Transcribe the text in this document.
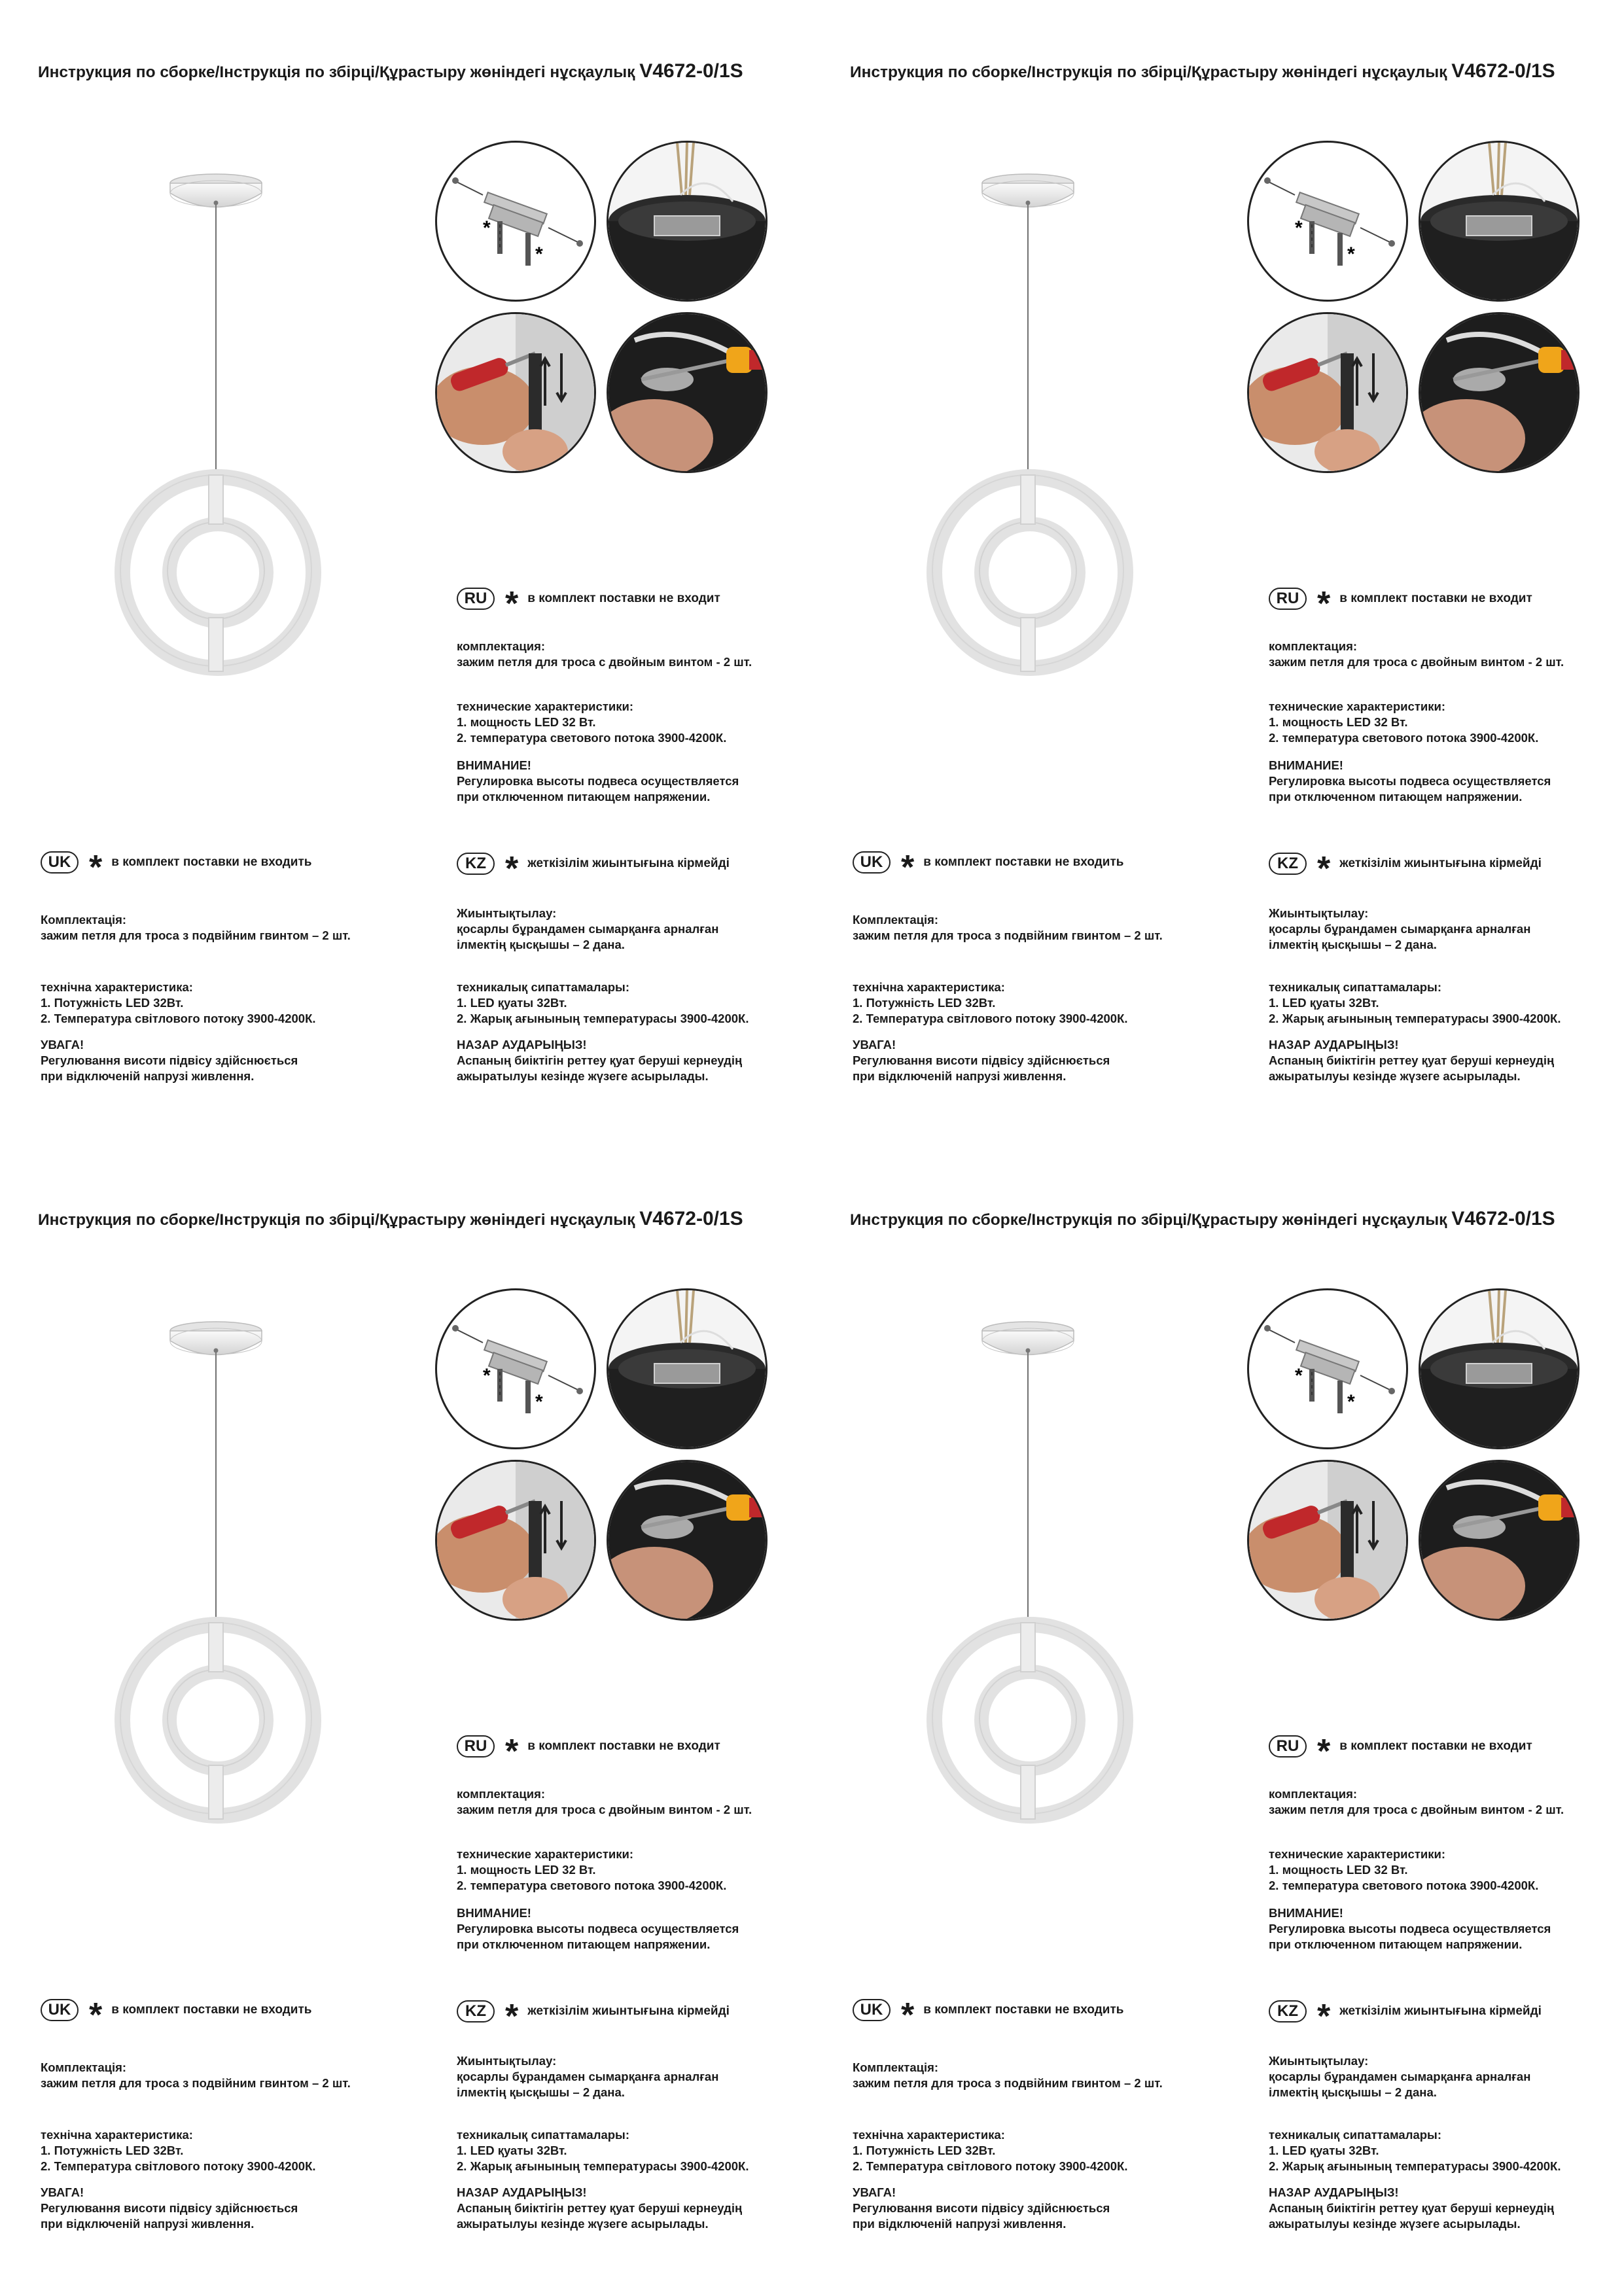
Инструкция по сборке/Інструкція по збірці/Құрастыру жөніндегі нұсқаулық V4672-0/1S
*
*
RU * в комплект поставки не входит
комплектация:
зажим петля для троса с двойным винтом - 2 шт.
технические характеристики:
1. мощность LED 32 Вт.
2. температура светового потока 3900-4200К.
ВНИМАНИЕ!
Регулировка высоты подвеса осуществляется
при отключенном питающем напряжении.
UK * в комплект поставки не входить
Комплектація:
зажим петля для троса з подвійним гвинтом – 2 шт.
технічна характеристика:
1. Потужність LED 32Вт.
2. Температура світлового потоку 3900-4200К.
УВАГА!
Регулювання висоти підвісу здійснюється
при відключеній напрузі живлення.
KZ * жеткізілім жиынтығына кірмейді
Жиынтықтылау:
қосарлы бұрандамен сымарқанға арналған
ілмектің қысқышы – 2 дана.
техникалық сипаттамалары:
1. LED қуаты 32Вт.
2. Жарық ағынының температурасы 3900-4200К.
НАЗАР АУДАРЫҢЫЗ!
Аспаның биіктігін реттеу қуат беруші кернеудің
ажыратылуы кезінде жүзеге асырылады.
Инструкция по сборке/Інструкція по збірці/Құрастыру жөніндегі нұсқаулық V4672-0/1S
*
*
RU * в комплект поставки не входит
комплектация:
зажим петля для троса с двойным винтом - 2 шт.
технические характеристики:
1. мощность LED 32 Вт.
2. температура светового потока 3900-4200К.
ВНИМАНИЕ!
Регулировка высоты подвеса осуществляется
при отключенном питающем напряжении.
UK * в комплект поставки не входить
Комплектація:
зажим петля для троса з подвійним гвинтом – 2 шт.
технічна характеристика:
1. Потужність LED 32Вт.
2. Температура світлового потоку 3900-4200К.
УВАГА!
Регулювання висоти підвісу здійснюється
при відключеній напрузі живлення.
KZ * жеткізілім жиынтығына кірмейді
Жиынтықтылау:
қосарлы бұрандамен сымарқанға арналған
ілмектің қысқышы – 2 дана.
техникалық сипаттамалары:
1. LED қуаты 32Вт.
2. Жарық ағынының температурасы 3900-4200К.
НАЗАР АУДАРЫҢЫЗ!
Аспаның биіктігін реттеу қуат беруші кернеудің
ажыратылуы кезінде жүзеге асырылады.
Инструкция по сборке/Інструкція по збірці/Құрастыру жөніндегі нұсқаулық V4672-0/1S
*
*
RU * в комплект поставки не входит
комплектация:
зажим петля для троса с двойным винтом - 2 шт.
технические характеристики:
1. мощность LED 32 Вт.
2. температура светового потока 3900-4200К.
ВНИМАНИЕ!
Регулировка высоты подвеса осуществляется
при отключенном питающем напряжении.
UK * в комплект поставки не входить
Комплектація:
зажим петля для троса з подвійним гвинтом – 2 шт.
технічна характеристика:
1. Потужність LED 32Вт.
2. Температура світлового потоку 3900-4200К.
УВАГА!
Регулювання висоти підвісу здійснюється
при відключеній напрузі живлення.
KZ * жеткізілім жиынтығына кірмейді
Жиынтықтылау:
қосарлы бұрандамен сымарқанға арналған
ілмектің қысқышы – 2 дана.
техникалық сипаттамалары:
1. LED қуаты 32Вт.
2. Жарық ағынының температурасы 3900-4200К.
НАЗАР АУДАРЫҢЫЗ!
Аспаның биіктігін реттеу қуат беруші кернеудің
ажыратылуы кезінде жүзеге асырылады.
Инструкция по сборке/Інструкція по збірці/Құрастыру жөніндегі нұсқаулық V4672-0/1S
*
*
RU * в комплект поставки не входит
комплектация:
зажим петля для троса с двойным винтом - 2 шт.
технические характеристики:
1. мощность LED 32 Вт.
2. температура светового потока 3900-4200К.
ВНИМАНИЕ!
Регулировка высоты подвеса осуществляется
при отключенном питающем напряжении.
UK * в комплект поставки не входить
Комплектація:
зажим петля для троса з подвійним гвинтом – 2 шт.
технічна характеристика:
1. Потужність LED 32Вт.
2. Температура світлового потоку 3900-4200К.
УВАГА!
Регулювання висоти підвісу здійснюється
при відключеній напрузі живлення.
KZ * жеткізілім жиынтығына кірмейді
Жиынтықтылау:
қосарлы бұрандамен сымарқанға арналған
ілмектің қысқышы – 2 дана.
техникалық сипаттамалары:
1. LED қуаты 32Вт.
2. Жарық ағынының температурасы 3900-4200К.
НАЗАР АУДАРЫҢЫЗ!
Аспаның биіктігін реттеу қуат беруші кернеудің
ажыратылуы кезінде жүзеге асырылады.
